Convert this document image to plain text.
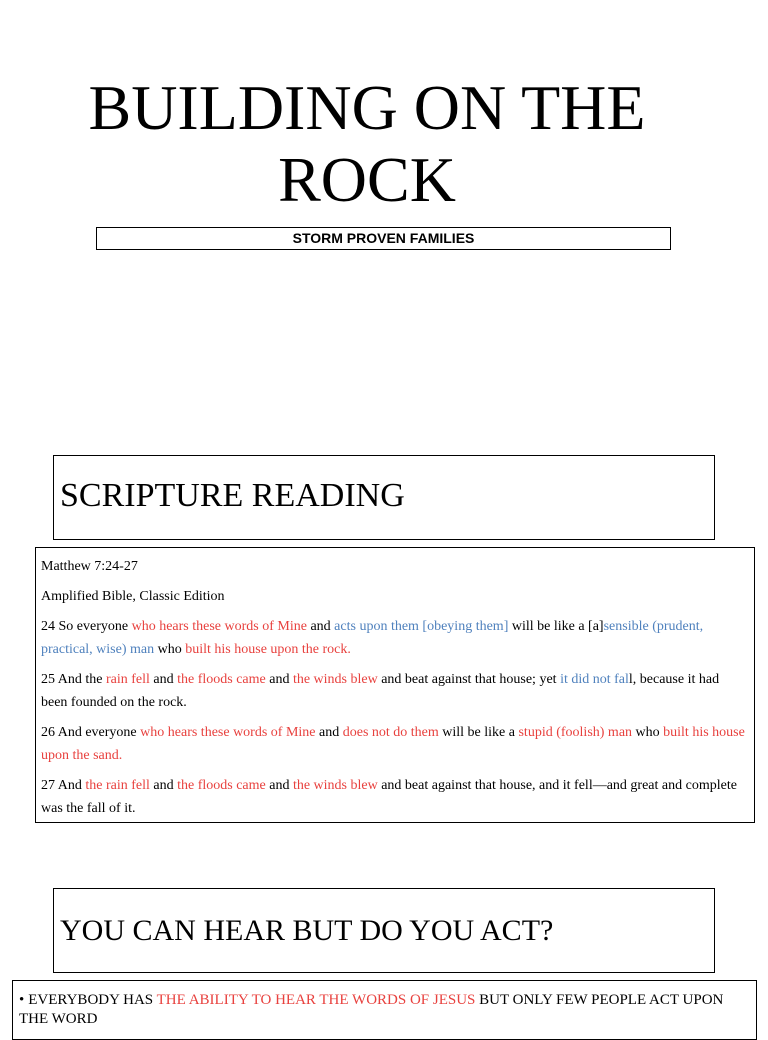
BUILDING ON THE
ROCK
STORM PROVEN FAMILIES
SCRIPTURE READING

Matthew 7:24-27

Amplified Bible, Classic Edition

24 So everyone who hears these words of Mine and acts upon them [obeying them] will be like a [a]sensible (prudent, practical, wise) man who built his house upon the rock.

25 And the rain fell and the floods came and the winds blew and beat against that house; yet it did not fall, because it had been founded on the rock.

26 And everyone who hears these words of Mine and does not do them will be like a stupid (foolish) man who built his house upon the sand.

27 And the rain fell and the floods came and the winds blew and beat against that house, and it fell—and great and complete was the fall of it.

YOU CAN HEAR BUT DO YOU ACT?
• EVERYBODY HAS THE ABILITY TO HEAR THE WORDS OF JESUS BUT ONLY FEW PEOPLE ACT UPON THE WORD
